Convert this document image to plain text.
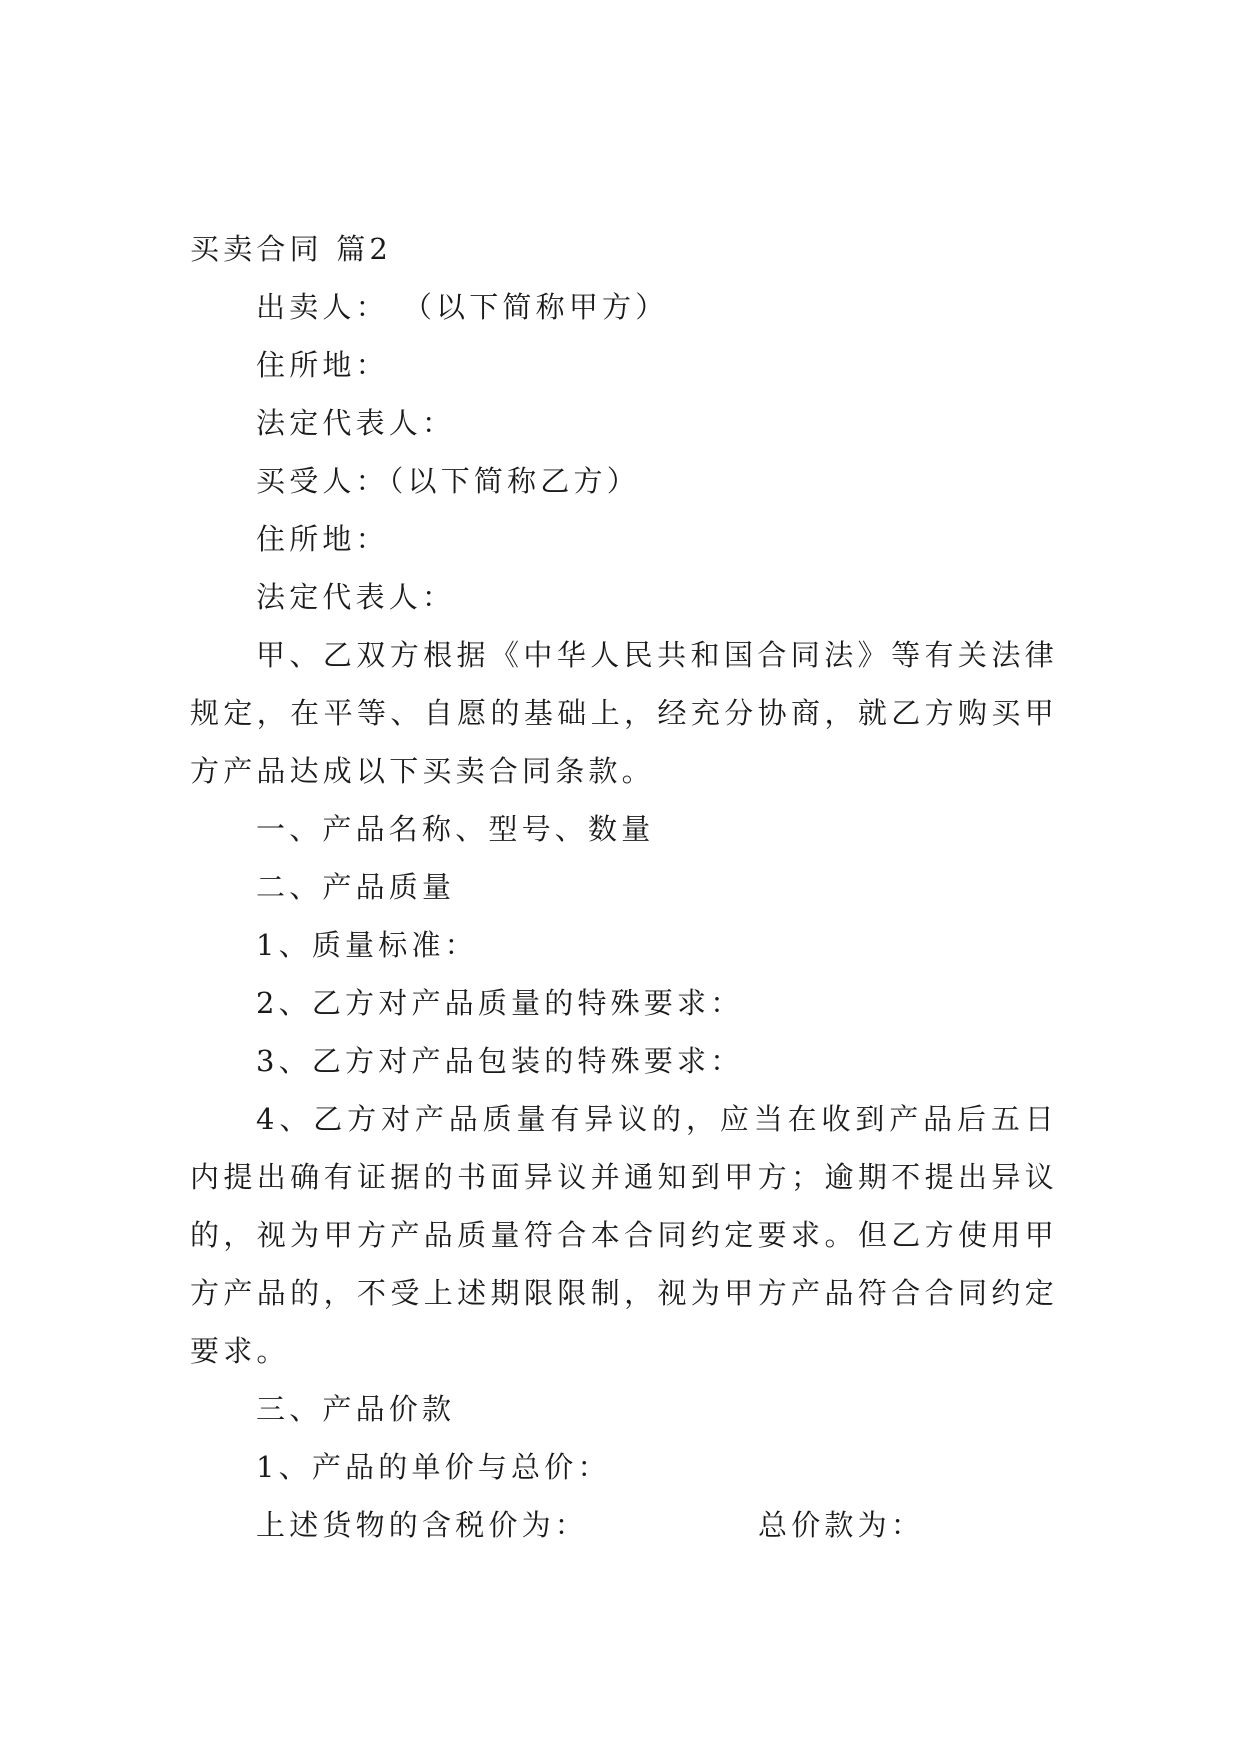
买卖合同 篇2

出卖人： （以下简称甲方）

住所地：

法定代表人：

买受人：（以下简称乙方）

住所地：

法定代表人：

甲、乙双方根据《中华人民共和国合同法》等有关法律规定，在平等、自愿的基础上，经充分协商，就乙方购买甲方产品达成以下买卖合同条款。

一、产品名称、型号、数量

二、产品质量

1、质量标准：

2、乙方对产品质量的特殊要求：

3、乙方对产品包装的特殊要求：

4、乙方对产品质量有异议的，应当在收到产品后五日内提出确有证据的书面异议并通知到甲方；逾期不提出异议的，视为甲方产品质量符合本合同约定要求。但乙方使用甲方产品的，不受上述期限限制，视为甲方产品符合合同约定要求。

三、产品价款

1、产品的单价与总价：

上述货物的含税价为：	总价款为：
